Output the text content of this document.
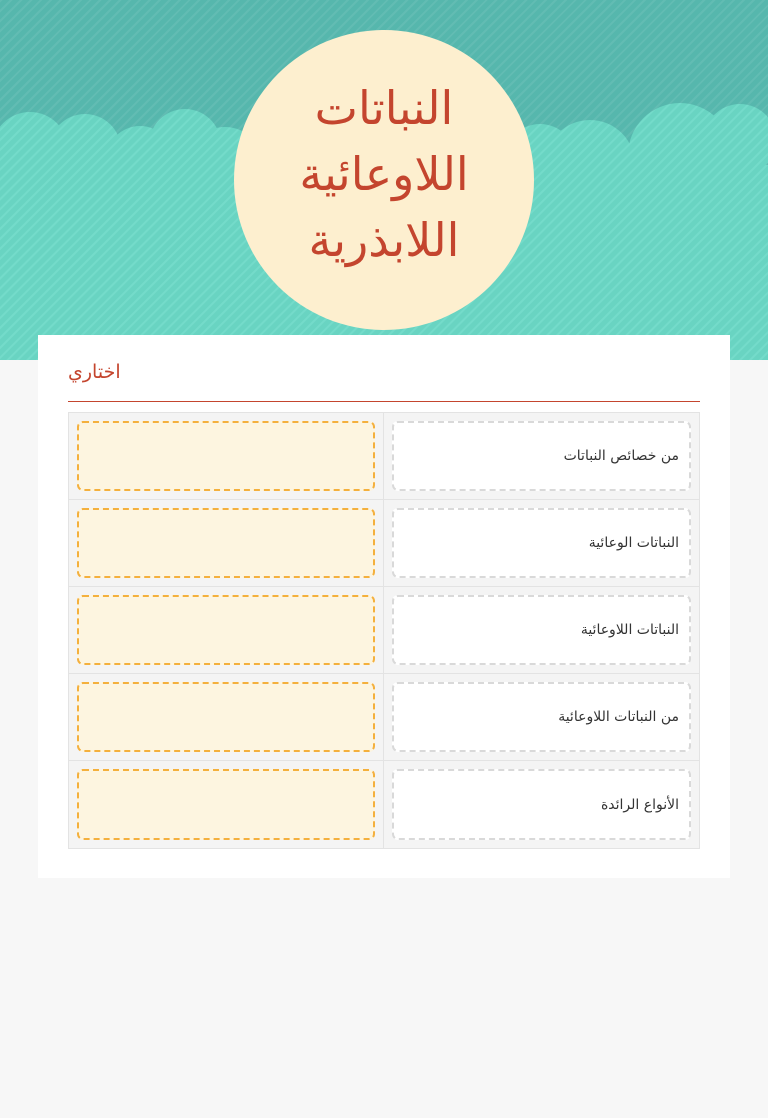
النباتات
اللاوعائية
اللابذرية
اختاري
من خصائص النباتات
النباتات الوعائية
النباتات اللاوعائية
من النباتات اللاوعائية
الأنواع الرائدة
